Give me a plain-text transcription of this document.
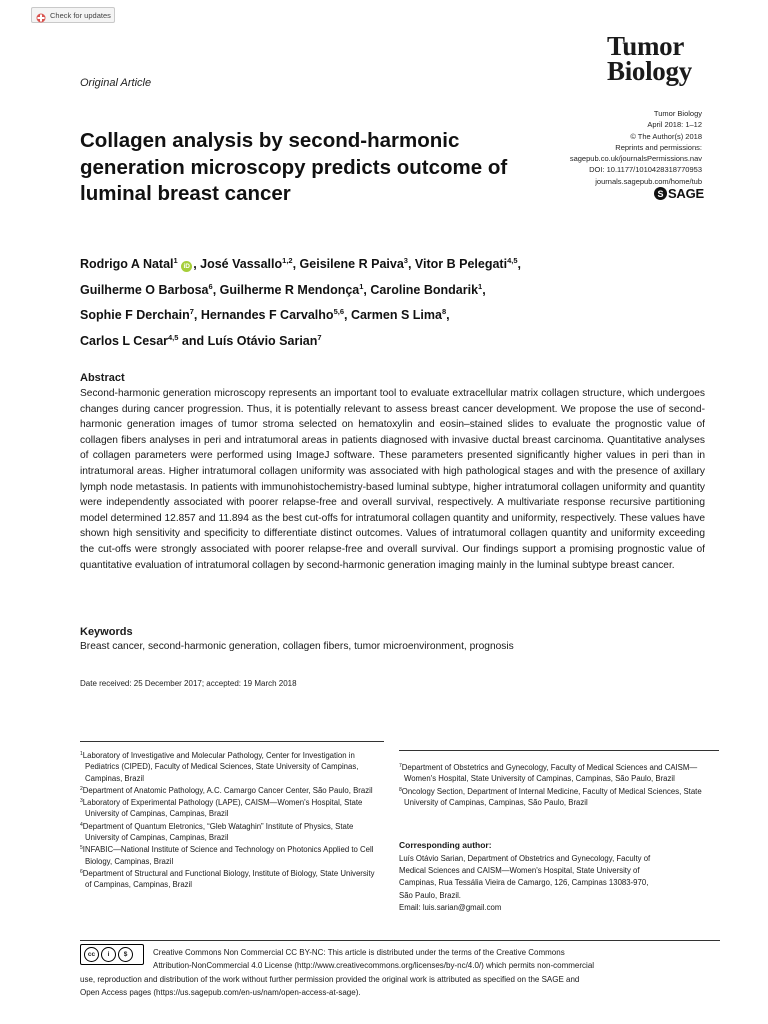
Check for updates
Tumor
Biology
Original Article
Tumor Biology
April 2018: 1–12
© The Author(s) 2018
Reprints and permissions:
sagepub.co.uk/journalsPermissions.nav
DOI: 10.1177/1010428318770953
journals.sagepub.com/home/tub
S SAGE
Collagen analysis by second-harmonic generation microscopy predicts outcome of luminal breast cancer
Rodrigo A Natal$^1$ iD , José Vassallo$^{1,2}$, Geisilene R Paiva$^3$, Vitor B Pelegati$^{4,5}$,
Guilherme O Barbosa$^6$, Guilherme R Mendonça$^1$, Caroline Bondarik$^1$,
Sophie F Derchain$^7$, Hernandes F Carvalho$^{5,6}$, Carmen S Lima$^8$,
Carlos L Cesar$^{4,5}$ and Luís Otávio Sarian$^7$
Abstract

Second-harmonic generation microscopy represents an important tool to evaluate extracellular matrix collagen structure, which undergoes changes during cancer progression. Thus, it is potentially relevant to assess breast cancer development. We propose the use of second-harmonic generation images of tumor stroma selected on hematoxylin and eosin–stained slides to evaluate the prognostic value of collagen fibers analyses in peri and intratumoral areas in patients diagnosed with invasive ductal breast carcinoma. Quantitative analyses of collagen parameters were performed using ImageJ software. These parameters presented significantly higher values in peri than in intratumoral areas. Higher intratumoral collagen uniformity was associated with high pathological stages and with the presence of axillary lymph node metastasis. In patients with immunohistochemistry-based luminal subtype, higher intratumoral collagen uniformity and quantity were independently associated with poorer relapse-free and overall survival, respectively. A multivariate response recursive partitioning model determined 12.857 and 11.894 as the best cut-offs for intratumoral collagen quantity and uniformity, respectively. These values have shown high sensitivity and specificity to differentiate distinct outcomes. Values of intratumoral collagen quantity and uniformity exceeding the cut-offs were strongly associated with poorer relapse-free and overall survival. Our findings support a promising prognostic value of quantitative evaluation of intratumoral collagen by second-harmonic generation imaging mainly in the luminal subtype breast cancer.

Keywords
Breast cancer, second-harmonic generation, collagen fibers, tumor microenvironment, prognosis
Date received: 25 December 2017; accepted: 19 March 2018
$^1$Laboratory of Investigative and Molecular Pathology, Center for Investigation in Pediatrics (CIPED), Faculty of Medical Sciences, State University of Campinas, Campinas, Brazil
$^2$Department of Anatomic Pathology, A.C. Camargo Cancer Center, São Paulo, Brazil
$^3$Laboratory of Experimental Pathology (LAPE), CAISM—Women's Hospital, State University of Campinas, Campinas, Brazil
$^4$Department of Quantum Eletronics, “Gleb Wataghin” Institute of Physics, State University of Campinas, Campinas, Brazil
$^5$INFABIC—National Institute of Science and Technology on Photonics Applied to Cell Biology, Campinas, Brazil
$^6$Department of Structural and Functional Biology, Institute of Biology, State University of Campinas, Campinas, Brazil
$^7$Department of Obstetrics and Gynecology, Faculty of Medical Sciences and CAISM—Women's Hospital, State University of Campinas, Campinas, São Paulo, Brazil
$^8$Oncology Section, Department of Internal Medicine, Faculty of Medical Sciences, State University of Campinas, Campinas, São Paulo, Brazil
Corresponding author:
Luís Otávio Sarian, Department of Obstetrics and Gynecology, Faculty of
Medical Sciences and CAISM—Women's Hospital, State University of
Campinas, Rua Tessália Vieira de Camargo, 126, Campinas 13083-970,
São Paulo, Brazil.
Email: luis.sarian@gmail.com
cc	i	$	Creative Commons Non Commercial CC BY-NC: This article is distributed under the terms of the Creative Commons
Attribution-NonCommercial 4.0 License (http://www.creativecommons.org/licenses/by-nc/4.0/) which permits non-commercial
use, reproduction and distribution of the work without further permission provided the original work is attributed as specified on the SAGE and
Open Access pages (https://us.sagepub.com/en-us/nam/open-access-at-sage).
